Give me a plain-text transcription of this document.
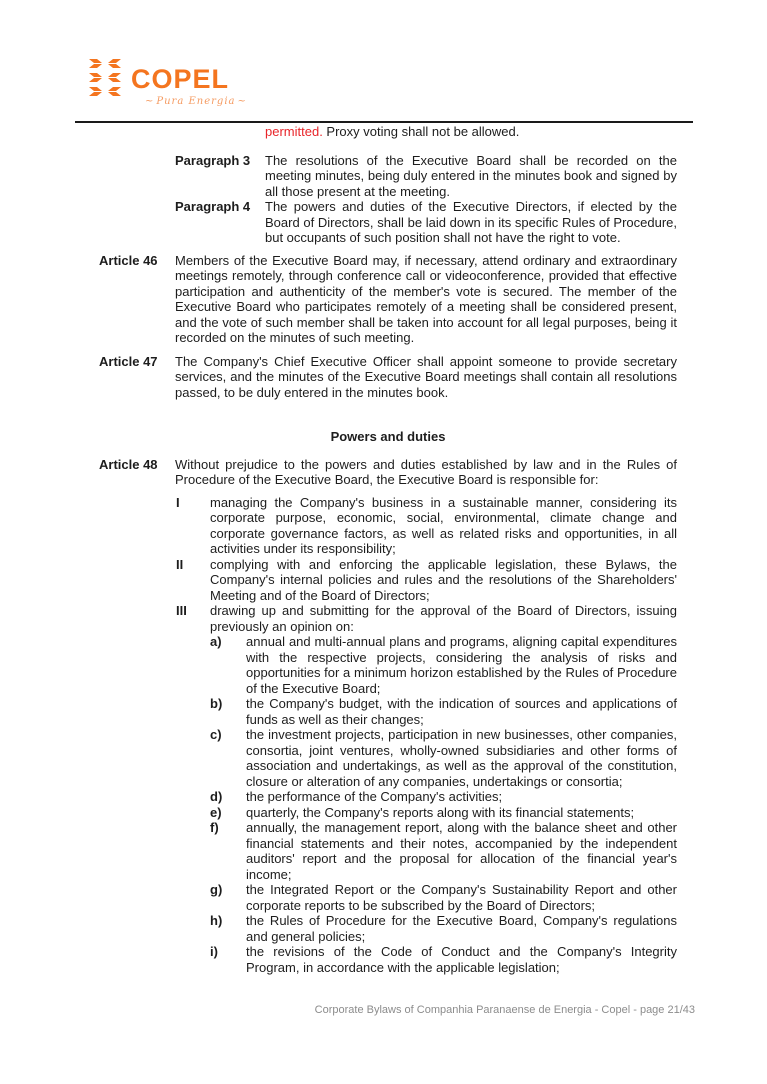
COPEL
~ Pura Energia ~
permitted. Proxy voting shall not be allowed.
Paragraph 3	The resolutions of the Executive Board shall be recorded on the meeting minutes, being duly entered in the minutes book and signed by all those present at the meeting.
Paragraph 4	The powers and duties of the Executive Directors, if elected by the Board of Directors, shall be laid down in its specific Rules of Procedure, but occupants of such position shall not have the right to vote.
Article 46	Members of the Executive Board may, if necessary, attend ordinary and extraordinary meetings remotely, through conference call or videoconference, provided that effective participation and authenticity of the member's vote is secured. The member of the Executive Board who participates remotely of a meeting shall be considered present, and the vote of such member shall be taken into account for all legal purposes, being it recorded on the minutes of such meeting.
Article 47	The Company's Chief Executive Officer shall appoint someone to provide secretary services, and the minutes of the Executive Board meetings shall contain all resolutions passed, to be duly entered in the minutes book.
Powers and duties
Article 48	Without prejudice to the powers and duties established by law and in the Rules of Procedure of the Executive Board, the Executive Board is responsible for:
I	managing the Company's business in a sustainable manner, considering its corporate purpose, economic, social, environmental, climate change and corporate governance factors, as well as related risks and opportunities, in all activities under its responsibility;
II	complying with and enforcing the applicable legislation, these Bylaws, the Company's internal policies and rules and the resolutions of the Shareholders' Meeting and of the Board of Directors;
III	drawing up and submitting for the approval of the Board of Directors, issuing previously an opinion on:
a)	annual and multi-annual plans and programs, aligning capital expenditures with the respective projects, considering the analysis of risks and opportunities for a minimum horizon established by the Rules of Procedure of the Executive Board;
b)	the Company's budget, with the indication of sources and applications of funds as well as their changes;
c)	the investment projects, participation in new businesses, other companies, consortia, joint ventures, wholly-owned subsidiaries and other forms of association and undertakings, as well as the approval of the constitution, closure or alteration of any companies, undertakings or consortia;
d)	the performance of the Company's activities;
e)	quarterly, the Company's reports along with its financial statements;
f)	annually, the management report, along with the balance sheet and other financial statements and their notes, accompanied by the independent auditors' report and the proposal for allocation of the financial year's income;
g)	the Integrated Report or the Company's Sustainability Report and other corporate reports to be subscribed by the Board of Directors;
h)	the Rules of Procedure for the Executive Board, Company's regulations and general policies;
i)	the revisions of the Code of Conduct and the Company's Integrity Program, in accordance with the applicable legislation;
Corporate Bylaws of Companhia Paranaense de Energia - Copel - page 21/43
